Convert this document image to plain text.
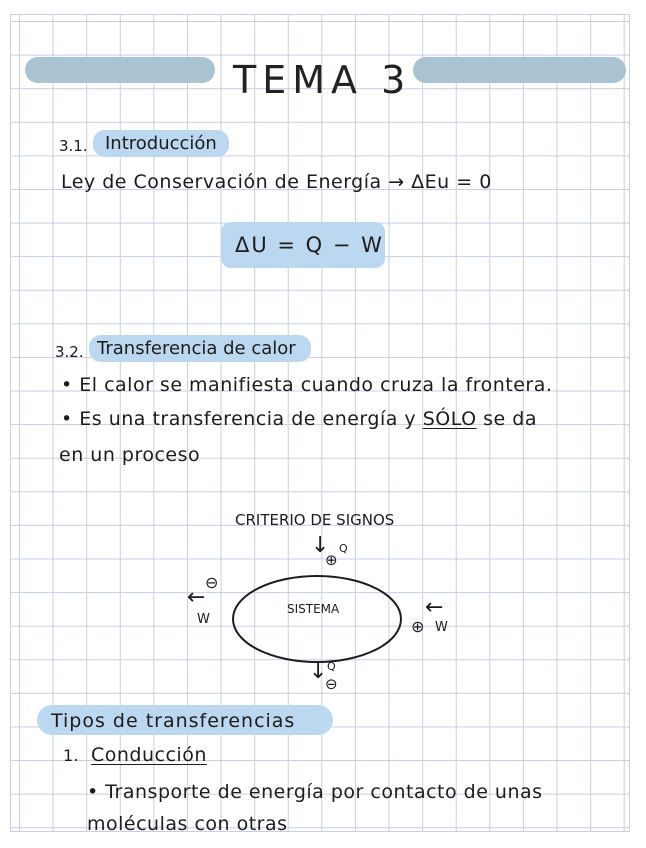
TEMA 3
3.1. Introducción
Ley de Conservación de Energía → ΔEu = 0
ΔU = Q − W
3.2. Transferencia de calor
• El calor se manifiesta cuando cruza la frontera.
• Es una transferencia de energía y SÓLO se da
en un proceso
CRITERIO DE SIGNOS
↓
⊕
Q
SISTEMA
⊖
←
W	←
⊕ W
↓ Q
⊖
Tipos de transferencias
1. Conducción
• Transporte de energía por contacto de unas
moléculas con otras
